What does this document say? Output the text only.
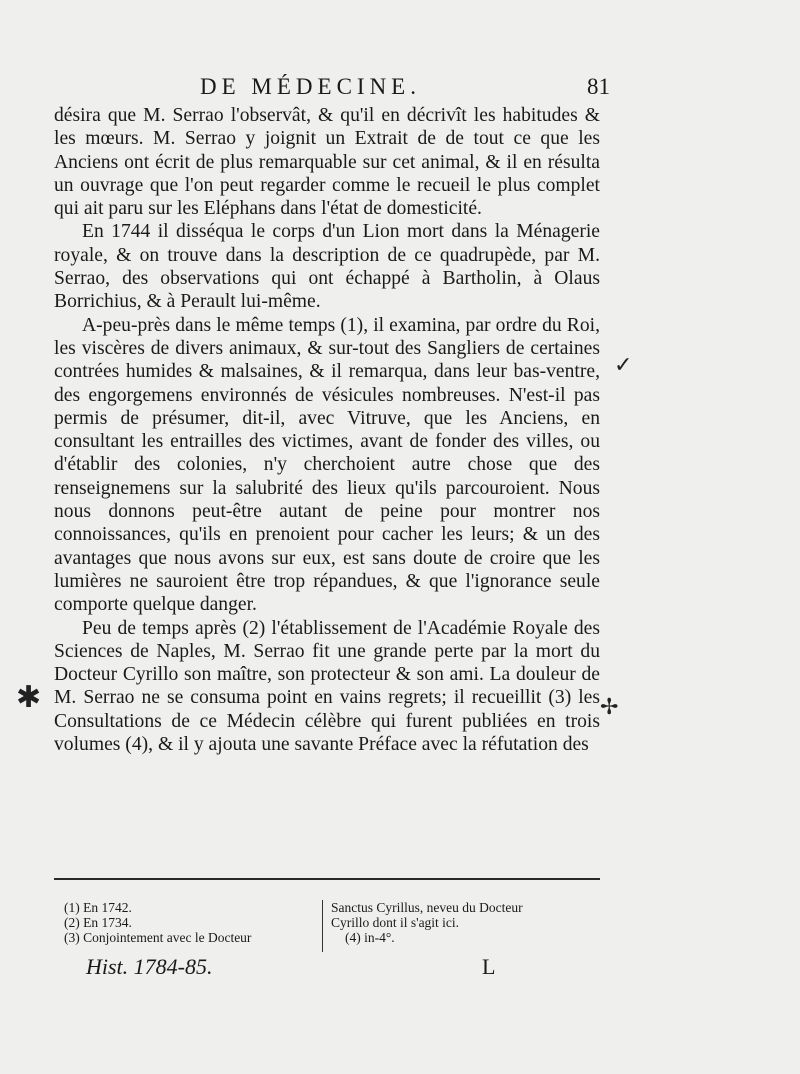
DE MÉDECINE.	81

désira que M. Serrao l'observât, & qu'il en décrivît les habitudes & les mœurs. M. Serrao y joignit un Extrait de de tout ce que les Anciens ont écrit de plus remarquable sur cet animal, & il en résulta un ouvrage que l'on peut regarder comme le recueil le plus complet qui ait paru sur les Eléphans dans l'état de domesticité.

En 1744 il disséqua le corps d'un Lion mort dans la Ménagerie royale, & on trouve dans la description de ce quadrupède, par M. Serrao, des observations qui ont échappé à Bartholin, à Olaus Borrichius, & à Perault lui-même.

A-peu-près dans le même temps (1), il examina, par ordre du Roi, les viscères de divers animaux, & sur-tout des Sangliers de certaines contrées humides & malsaines, & il remarqua, dans leur bas-ventre, des engorgemens environnés de vésicules nombreuses. N'est-il pas permis de présumer, dit-il, avec Vitruve, que les Anciens, en consultant les entrailles des victimes, avant de fonder des villes, ou d'établir des colonies, n'y cherchoient autre chose que des renseignemens sur la salubrité des lieux qu'ils parcouroient. Nous nous donnons peut-être autant de peine pour montrer nos connoissances, qu'ils en prenoient pour cacher les leurs; & un des avantages que nous avons sur eux, est sans doute de croire que les lumières ne sauroient être trop répandues, & que l'ignorance seule comporte quelque danger.

Peu de temps après (2) l'établissement de l'Académie Royale des Sciences de Naples, M. Serrao fit une grande perte par la mort du Docteur Cyrillo son maître, son protecteur & son ami. La douleur de M. Serrao ne se consuma point en vains regrets; il recueillit (3) les Consultations de ce Médecin célèbre qui furent publiées en trois volumes (4), & il y ajouta une savante Préface avec la réfutation des

✓
✱	✢
(1) En 1742.
(2) En 1734.
(3) Conjointement avec le Docteur
Sanctus Cyrillus, neveu du Docteur
Cyrillo dont il s'agit ici.
(4) in-4°.
Hist. 1784-85.	L
